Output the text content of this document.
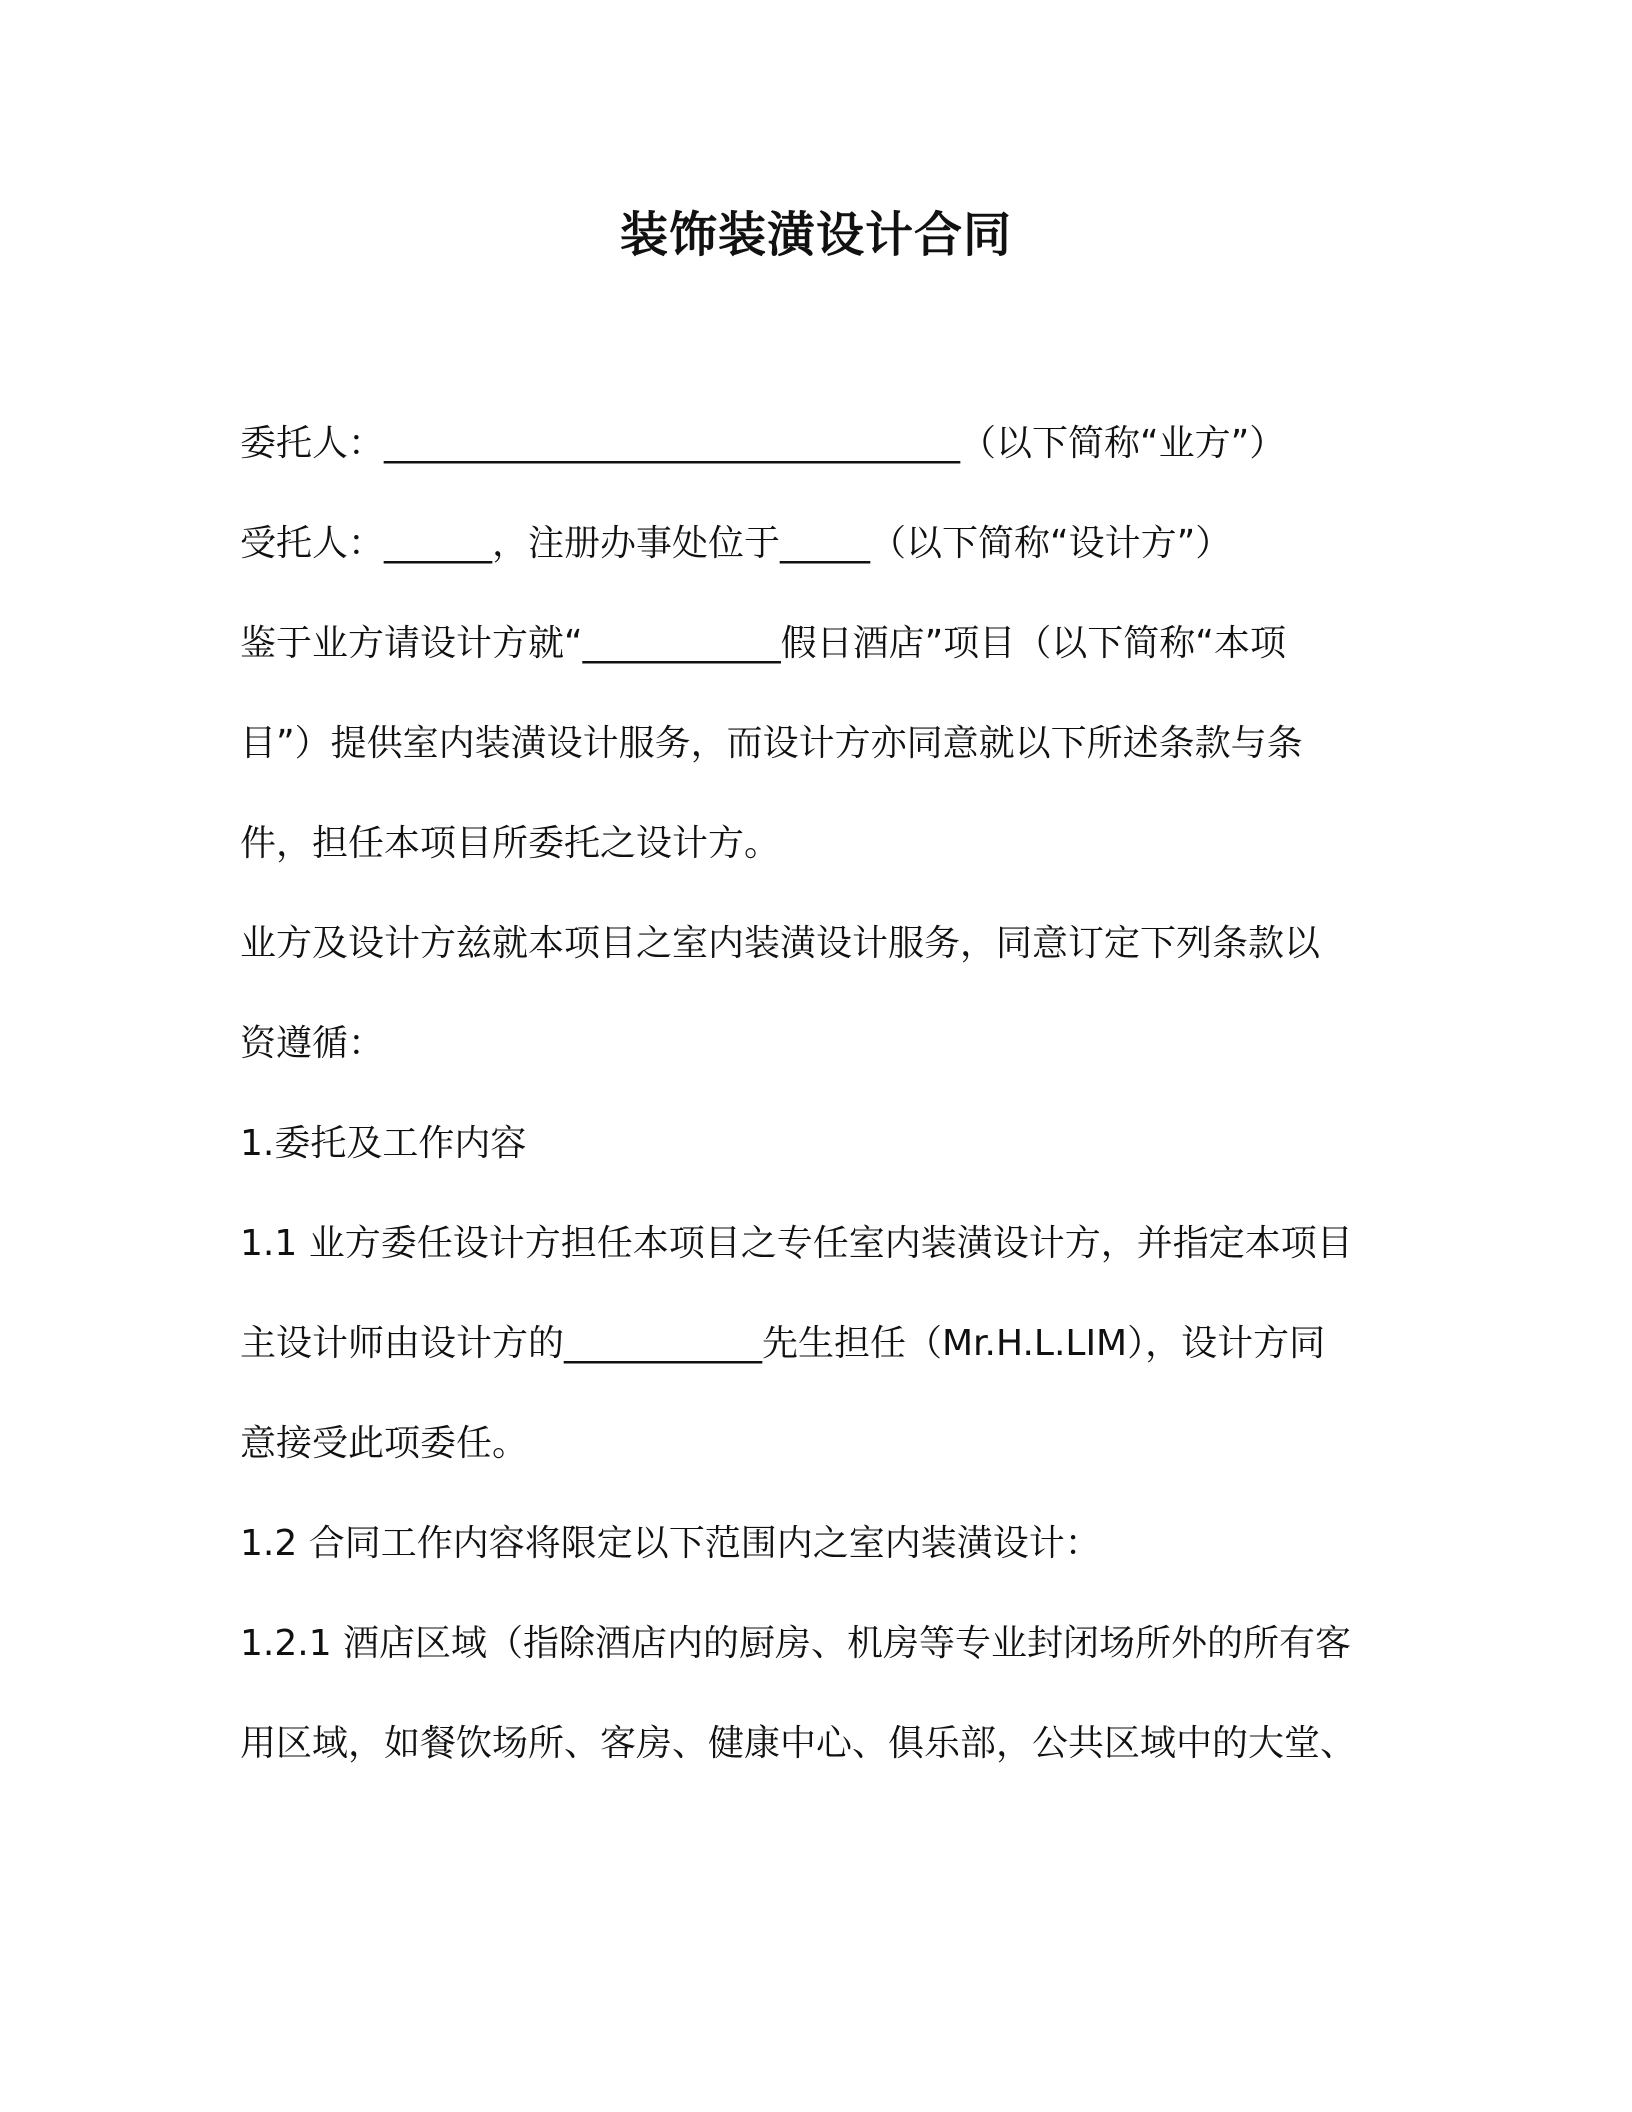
装饰装潢设计合同
委托人：________________________________（以下简称“业方”）
受托人：______，注册办事处位于_____（以下简称“设计方”）
鉴于业方请设计方就“___________假日酒店”项目（以下简称“本项
目”）提供室内装潢设计服务，而设计方亦同意就以下所述条款与条
件，担任本项目所委托之设计方。
业方及设计方兹就本项目之室内装潢设计服务，同意订定下列条款以
资遵循：
1.委托及工作内容
1.1 业方委任设计方担任本项目之专任室内装潢设计方，并指定本项目
主设计师由设计方的___________先生担任（Mr.H.L.LIM），设计方同
意接受此项委任。
1.2 合同工作内容将限定以下范围内之室内装潢设计：
1.2.1 酒店区域（指除酒店内的厨房、机房等专业封闭场所外的所有客
用区域，如餐饮场所、客房、健康中心、俱乐部，公共区域中的大堂、
